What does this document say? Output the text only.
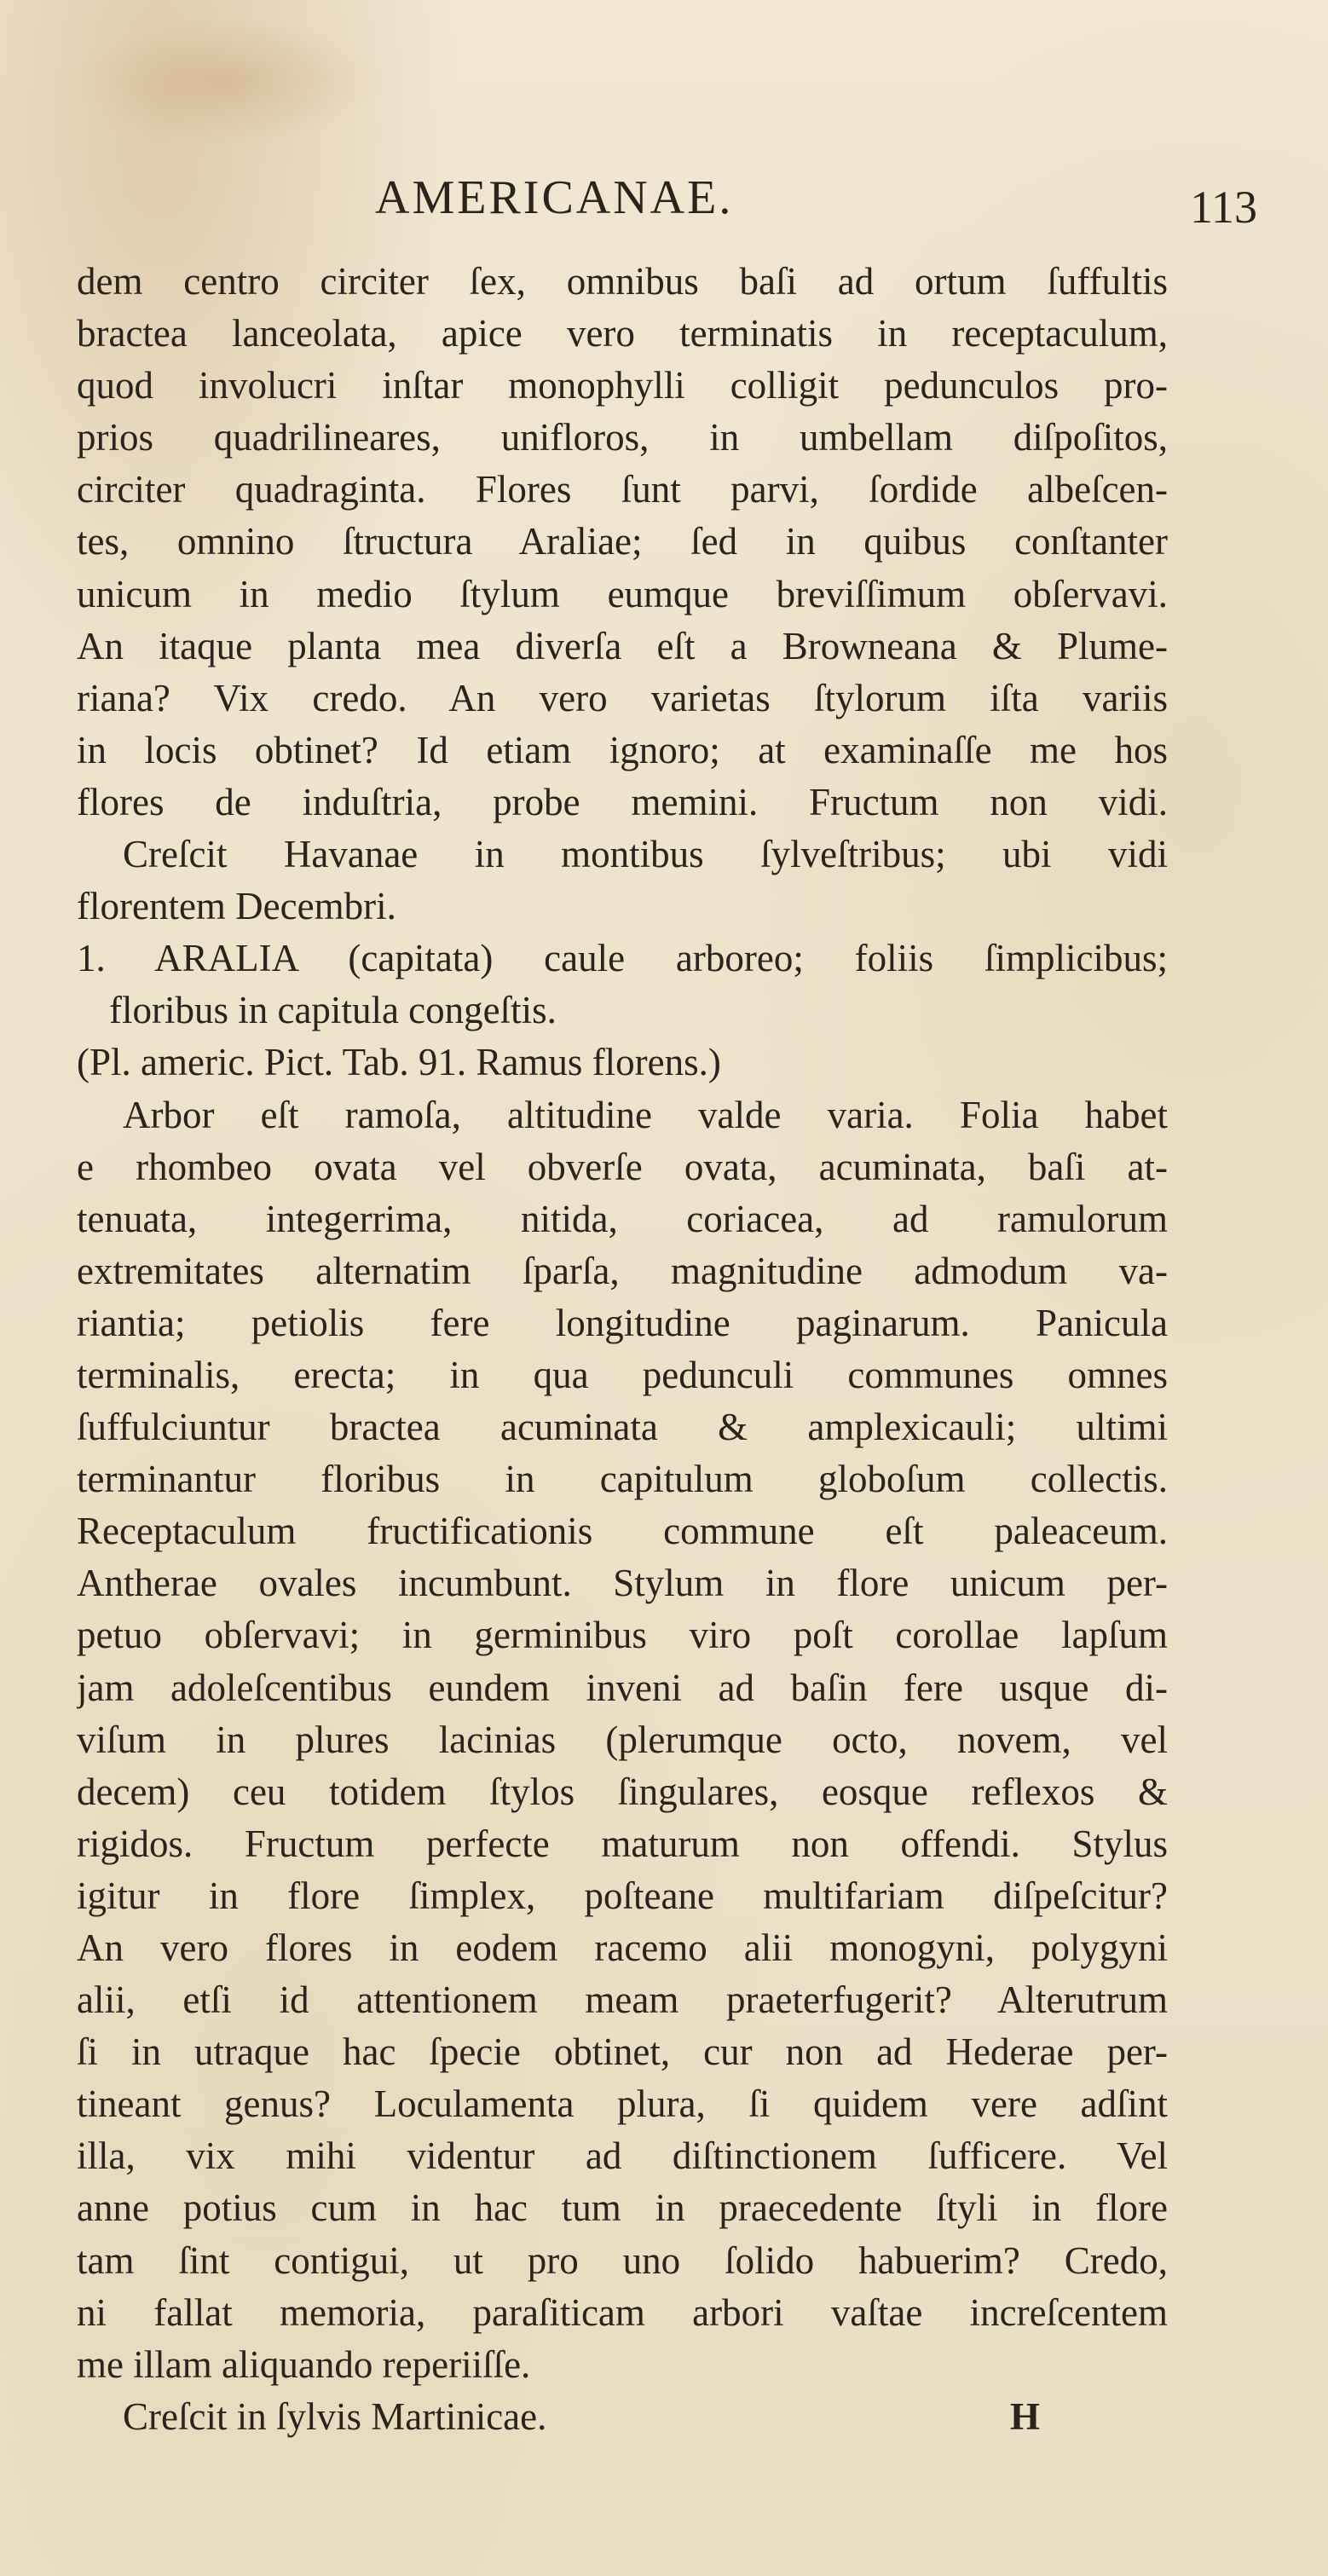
AMERICANAE.	113
dem centro circiter ſex, omnibus baſi ad ortum ſuffultis
bractea lanceolata, apice vero terminatis in receptaculum,
quod involucri inſtar monophylli colligit pedunculos pro-
prios quadrilineares, unifloros, in umbellam diſpoſitos,
circiter quadraginta. Flores ſunt parvi, ſordide albeſcen-
tes, omnino ſtructura Araliae; ſed in quibus conſtanter
unicum in medio ſtylum eumque breviſſimum obſervavi.
An itaque planta mea diverſa eſt a Browneana & Plume-
riana? Vix credo. An vero varietas ſtylorum iſta variis
in locis obtinet? Id etiam ignoro; at examinaſſe me hos
flores de induſtria, probe memini. Fructum non vidi.
Creſcit Havanae in montibus ſylveſtribus; ubi vidi
florentem Decembri.
1. ARALIA (capitata) caule arboreo; foliis ſimplicibus;
floribus in capitula congeſtis.
(Pl. americ. Pict. Tab. 91. Ramus florens.)
Arbor eſt ramoſa, altitudine valde varia. Folia habet
e rhombeo ovata vel obverſe ovata, acuminata, baſi at-
tenuata, integerrima, nitida, coriacea, ad ramulorum
extremitates alternatim ſparſa, magnitudine admodum va-
riantia; petiolis fere longitudine paginarum. Panicula
terminalis, erecta; in qua pedunculi communes omnes
ſuffulciuntur bractea acuminata & amplexicauli; ultimi
terminantur floribus in capitulum globoſum collectis.
Receptaculum fructificationis commune eſt paleaceum.
Antherae ovales incumbunt. Stylum in flore unicum per-
petuo obſervavi; in germinibus viro poſt corollae lapſum
jam adoleſcentibus eundem inveni ad baſin fere usque di-
viſum in plures lacinias (plerumque octo, novem, vel
decem) ceu totidem ſtylos ſingulares, eosque reflexos &
rigidos. Fructum perfecte maturum non offendi. Stylus
igitur in flore ſimplex, poſteane multifariam diſpeſcitur?
An vero flores in eodem racemo alii monogyni, polygyni
alii, etſi id attentionem meam praeterfugerit? Alterutrum
ſi in utraque hac ſpecie obtinet, cur non ad Hederae per-
tineant genus? Loculamenta plura, ſi quidem vere adſint
illa, vix mihi videntur ad diſtinctionem ſufficere. Vel
anne potius cum in hac tum in praecedente ſtyli in flore
tam ſint contigui, ut pro uno ſolido habuerim? Credo,
ni fallat memoria, paraſiticam arbori vaſtae increſcentem
me illam aliquando reperiiſſe.
Creſcit in ſylvis Martinicae.	H
